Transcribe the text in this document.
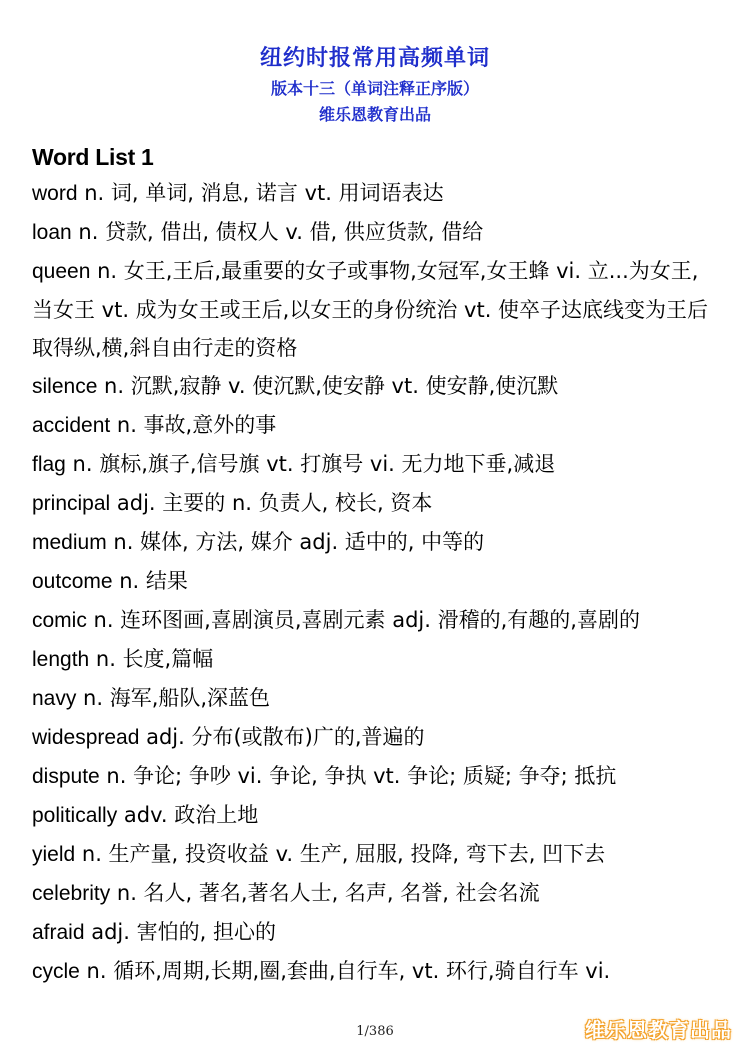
纽约时报常用高频单词
版本十三（单词注释正序版）
维乐恩教育出品
Word List 1

word n. 词, 单词, 消息, 诺言 vt. 用词语表达

loan n. 贷款, 借出, 债权人 v. 借, 供应货款, 借给

queen n. 女王,王后,最重要的女子或事物,女冠军,女王蜂 vi. 立...为女王,当女王 vt. 成为女王或王后,以女王的身份统治 vt. 使卒子达底线变为王后取得纵,横,斜自由行走的资格

silence n. 沉默,寂静 v. 使沉默,使安静 vt. 使安静,使沉默

accident n. 事故,意外的事

flag n. 旗标,旗子,信号旗 vt. 打旗号 vi. 无力地下垂,减退

principal adj. 主要的 n. 负责人, 校长, 资本

medium n. 媒体, 方法, 媒介 adj. 适中的, 中等的

outcome n. 结果

comic n. 连环图画,喜剧演员,喜剧元素 adj. 滑稽的,有趣的,喜剧的

length n. 长度,篇幅

navy n. 海军,船队,深蓝色

widespread adj. 分布(或散布)广的,普遍的

dispute n. 争论; 争吵 vi. 争论, 争执 vt. 争论; 质疑; 争夺; 抵抗

politically adv. 政治上地

yield n. 生产量, 投资收益 v. 生产, 屈服, 投降, 弯下去, 凹下去

celebrity n. 名人, 著名,著名人士, 名声, 名誉, 社会名流

afraid adj. 害怕的, 担心的

cycle n. 循环,周期,长期,圈,套曲,自行车, vt. 环行,骑自行车 vi.

1/386	维乐恩教育出品
